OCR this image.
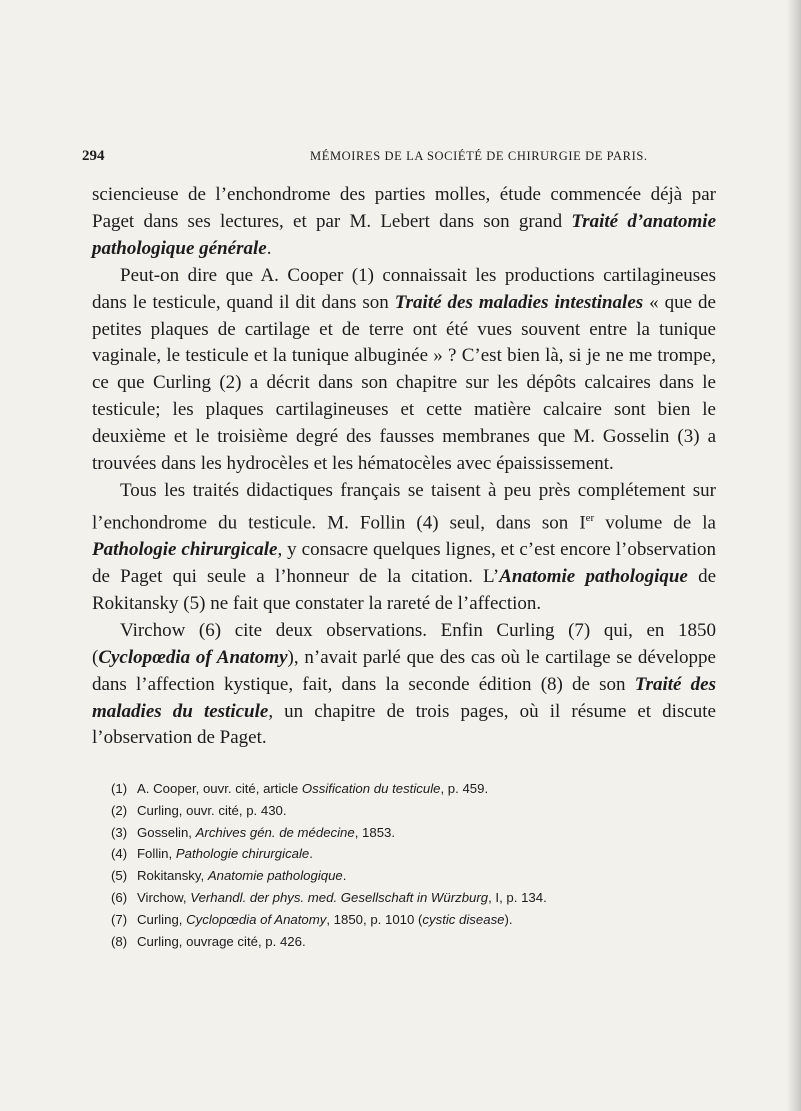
294	MÉMOIRES DE LA SOCIÉTÉ DE CHIRURGIE DE PARIS.

sciencieuse de l’enchondrome des parties molles, étude commencée déjà par Paget dans ses lectures, et par M. Lebert dans son grand Traité d’anatomie pathologique générale.

Peut-on dire que A. Cooper (1) connaissait les productions cartilagineuses dans le testicule, quand il dit dans son Traité des maladies intestinales « que de petites plaques de cartilage et de terre ont été vues souvent entre la tunique vaginale, le testicule et la tunique albuginée » ? C’est bien là, si je ne me trompe, ce que Curling (2) a décrit dans son chapitre sur les dépôts calcaires dans le testicule; les plaques cartilagineuses et cette matière calcaire sont bien le deuxième et le troisième degré des fausses membranes que M. Gosselin (3) a trouvées dans les hydrocèles et les hématocèles avec épaississement.

Tous les traités didactiques français se taisent à peu près complétement sur l’enchondrome du testicule. M. Follin (4) seul, dans son Ier volume de la Pathologie chirurgicale, y consacre quelques lignes, et c’est encore l’observation de Paget qui seule a l’honneur de la citation. L’Anatomie pathologique de Rokitansky (5) ne fait que constater la rareté de l’affection.

Virchow (6) cite deux observations. Enfin Curling (7) qui, en 1850 (Cyclopœdia of Anatomy), n’avait parlé que des cas où le cartilage se développe dans l’affection kystique, fait, dans la seconde édition (8) de son Traité des maladies du testicule, un chapitre de trois pages, où il résume et discute l’observation de Paget.

(1) A. Cooper, ouvr. cité, article Ossification du testicule, p. 459.
(2) Curling, ouvr. cité, p. 430.
(3) Gosselin, Archives gén. de médecine, 1853.
(4) Follin, Pathologie chirurgicale.
(5) Rokitansky, Anatomie pathologique.
(6) Virchow, Verhandl. der phys. med. Gesellschaft in Würzburg, I, p. 134.
(7) Curling, Cyclopœdia of Anatomy, 1850, p. 1010 (cystic disease).
(8) Curling, ouvrage cité, p. 426.
